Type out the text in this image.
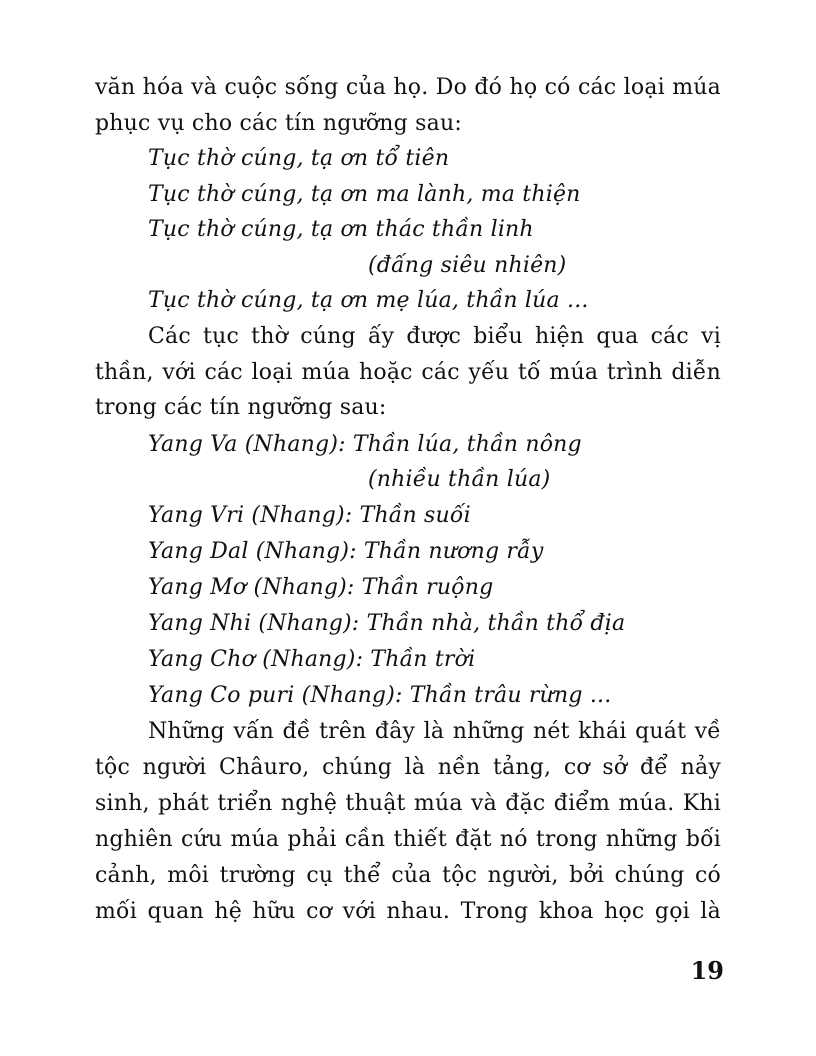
văn hóa và cuộc sống của họ. Do đó họ có các loại múa
phục vụ cho các tín ngưỡng sau:
Tục thờ cúng, tạ ơn tổ tiên
Tục thờ cúng, tạ ơn ma lành, ma thiện
Tục thờ cúng, tạ ơn thác thần linh
(đấng siêu nhiên)
Tục thờ cúng, tạ ơn mẹ lúa, thần lúa ...
Các tục thờ cúng ấy được biểu hiện qua các vị
thần, với các loại múa hoặc các yếu tố múa trình diễn
trong các tín ngưỡng sau:
Yang Va (Nhang): Thần lúa, thần nông
(nhiều thần lúa)
Yang Vri (Nhang): Thần suối
Yang Dal (Nhang): Thần nương rẫy
Yang Mơ (Nhang): Thần ruộng
Yang Nhi (Nhang): Thần nhà, thần thổ địa
Yang Chơ (Nhang): Thần trời
Yang Co puri (Nhang): Thần trâu rừng ...
Những vấn đề trên đây là những nét khái quát về
tộc người Châuro, chúng là nền tảng, cơ sở để nảy
sinh, phát triển nghệ thuật múa và đặc điểm múa. Khi
nghiên cứu múa phải cần thiết đặt nó trong những bối
cảnh, môi trường cụ thể của tộc người, bởi chúng có
mối quan hệ hữu cơ với nhau. Trong khoa học gọi là
19
